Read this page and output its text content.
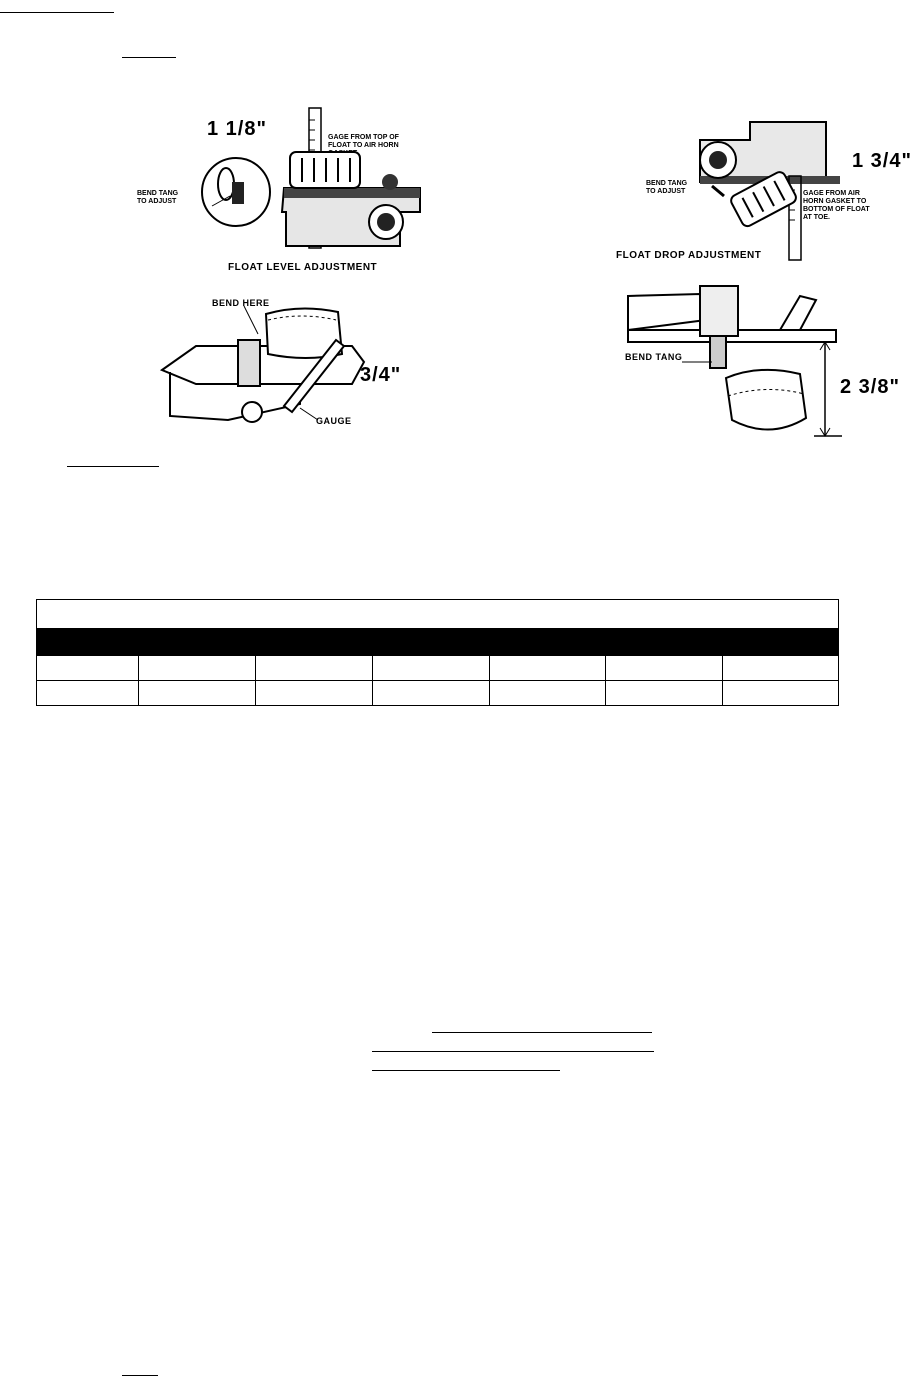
1 1/8"	GAGE FROM TOP OF
FLOAT TO AIR HORN
BEND TANG
TO ADJUST
FLOAT LEVEL ADJUSTMENT
1 3/4"
BEND TANG
TO ADJUST	GAGE FROM AIR
HORN GASKET TO
BOTTOM OF FLOAT
AT TOE.
FLOAT DROP ADJUSTMENT
BEND HERE
3/4"
GAUGE
BEND TANG
2 3/8"
